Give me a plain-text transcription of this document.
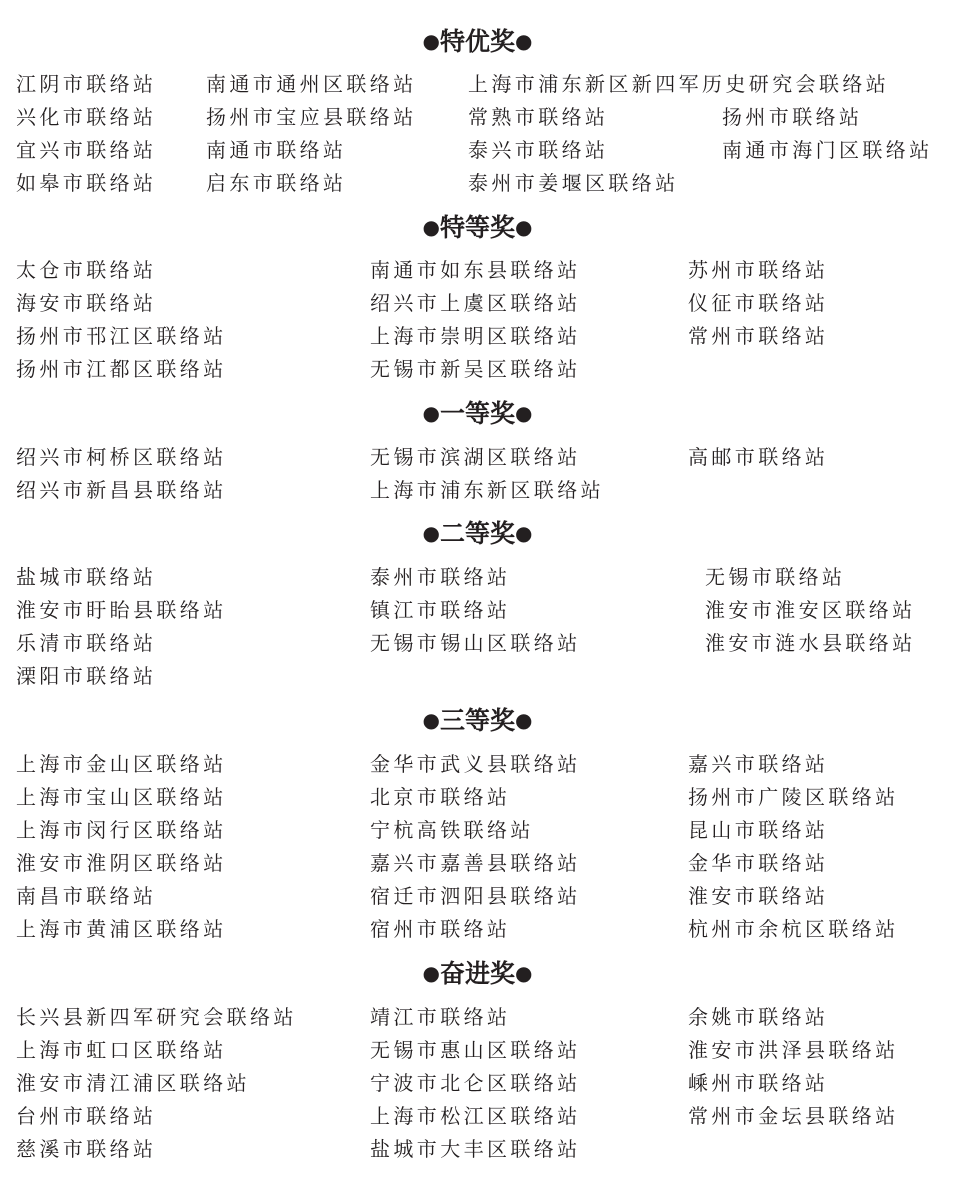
●特优奖●
江阴市联络站 南通市通州区联络站	上海市浦东新区新四军历史研究会联络站
兴化市联络站 扬州市宝应县联络站	常熟市联络站	扬州市联络站
宜兴市联络站 南通市联络站	泰兴市联络站	南通市海门区联络站
如皋市联络站 启东市联络站	泰州市姜堰区联络站
●特等奖●
太仓市联络站	南通市如东县联络站	苏州市联络站
海安市联络站	绍兴市上虞区联络站	仪征市联络站
扬州市邗江区联络站	上海市崇明区联络站	常州市联络站
扬州市江都区联络站	无锡市新吴区联络站
●一等奖●
绍兴市柯桥区联络站	无锡市滨湖区联络站	高邮市联络站
绍兴市新昌县联络站	上海市浦东新区联络站
●二等奖●
盐城市联络站	泰州市联络站	无锡市联络站
淮安市盱眙县联络站	镇江市联络站	淮安市淮安区联络站
乐清市联络站	无锡市锡山区联络站	淮安市涟水县联络站
溧阳市联络站
●三等奖●
上海市金山区联络站	金华市武义县联络站	嘉兴市联络站
上海市宝山区联络站	北京市联络站	扬州市广陵区联络站
上海市闵行区联络站	宁杭高铁联络站	昆山市联络站
淮安市淮阴区联络站	嘉兴市嘉善县联络站	金华市联络站
南昌市联络站	宿迁市泗阳县联络站	淮安市联络站
上海市黄浦区联络站	宿州市联络站	杭州市余杭区联络站
●奋进奖●
长兴县新四军研究会联络站	靖江市联络站	余姚市联络站
上海市虹口区联络站	无锡市惠山区联络站	淮安市洪泽县联络站
淮安市清江浦区联络站	宁波市北仑区联络站	嵊州市联络站
台州市联络站	上海市松江区联络站	常州市金坛县联络站
慈溪市联络站	盐城市大丰区联络站
